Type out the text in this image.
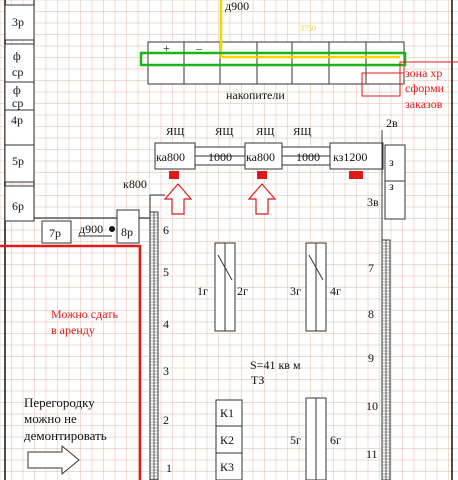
3р
ф
ср
ф
ср
4р
5р
6р
+ –
накопители
д900
3750
зона хр
сформи
заказов
ЯЩ	ЯЩ ЯЩ ЯЩ
ка800 1000 ка800 1000 кз1200
2в
з
з
3в
к800
7р д900 8р	6
5
4
3
2
1
7
8
9
10
11
1г 2г	3г 4г
5г 6г
К1
К2
К3
S=41 кв м
ТЗ
Можно сдать
в аренду
Перегородку
можно не
демонтировать
